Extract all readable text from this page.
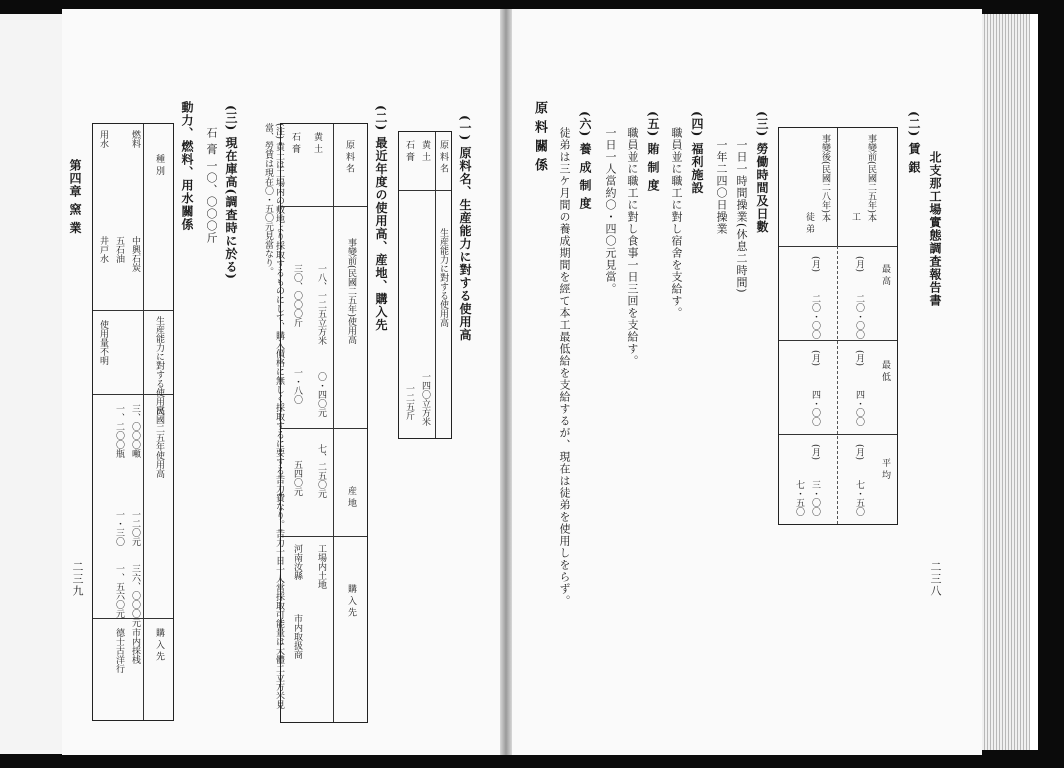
北支那工場實態調査報告書
二三八
(二) 賃 銀
事變前(民國二五年)本
工
事變後(民國二八年)本
徒 弟
最 高
最 低
平 均
(月)
二〇・〇〇
(月)
四・〇〇
(月)
七・五〇
(月)
二〇・〇〇
(月)
四・〇〇
(月)
三・〇〇
七・五〇
(三) 勞働時間及日數
一日一時間操業(休息二時間)
一年二四〇日操業
(四) 福利施設
職員並に職工に對し宿舍を支給す。
(五) 賄 制 度
職員並に職工に對し食事一日三回を支給す。
一日一人當約〇・四〇元見當。
(六) 養 成 制 度
徒弟は三ケ月間の養成期間を經て本工最低給を支給するが、現在は徒弟を使用しをらず。
原料關係
(一) 原料名、生産能力に對する使用高
原 料 名
生産能力に對する使用高
黄 土
一四〇立方米
石 膏
一二五斤
(二) 最近年度の使用高、産地、購入先
原 料 名
事變前(民國二五年)使用高
産 地
購 入 先
黄 土
一八、一二五立方米
〇・四〇元
七、二五〇元
工場内土地
石 膏
三〇、〇〇〇斤
一・八〇
五四〇元
河南汝縣
市内取扱商
(注) 黄土は工場内の敷地より採取するものにして、購入價格に無しく採取するに要する苦力費なり。苦力一日一人當採取可能量は大體二立方米見當、勞賃は現在〇・五〇元見當なり。
(三) 現在庫高(調査時に於る)
石 膏 一〇、〇〇〇斤
動力、燃料、用水關係
種 別
生産能力に對する使用高
民國二五年使用高
購 入 先
燃料
中興石炭
三、〇〇〇噸
一二〇元
三六、〇〇〇元
市内採桟
五石油
一、二〇〇瓶
一・三〇
一、五六〇元
德士古洋行
用水
井戸水
使用量不明
第四章 窯 業
二三九
